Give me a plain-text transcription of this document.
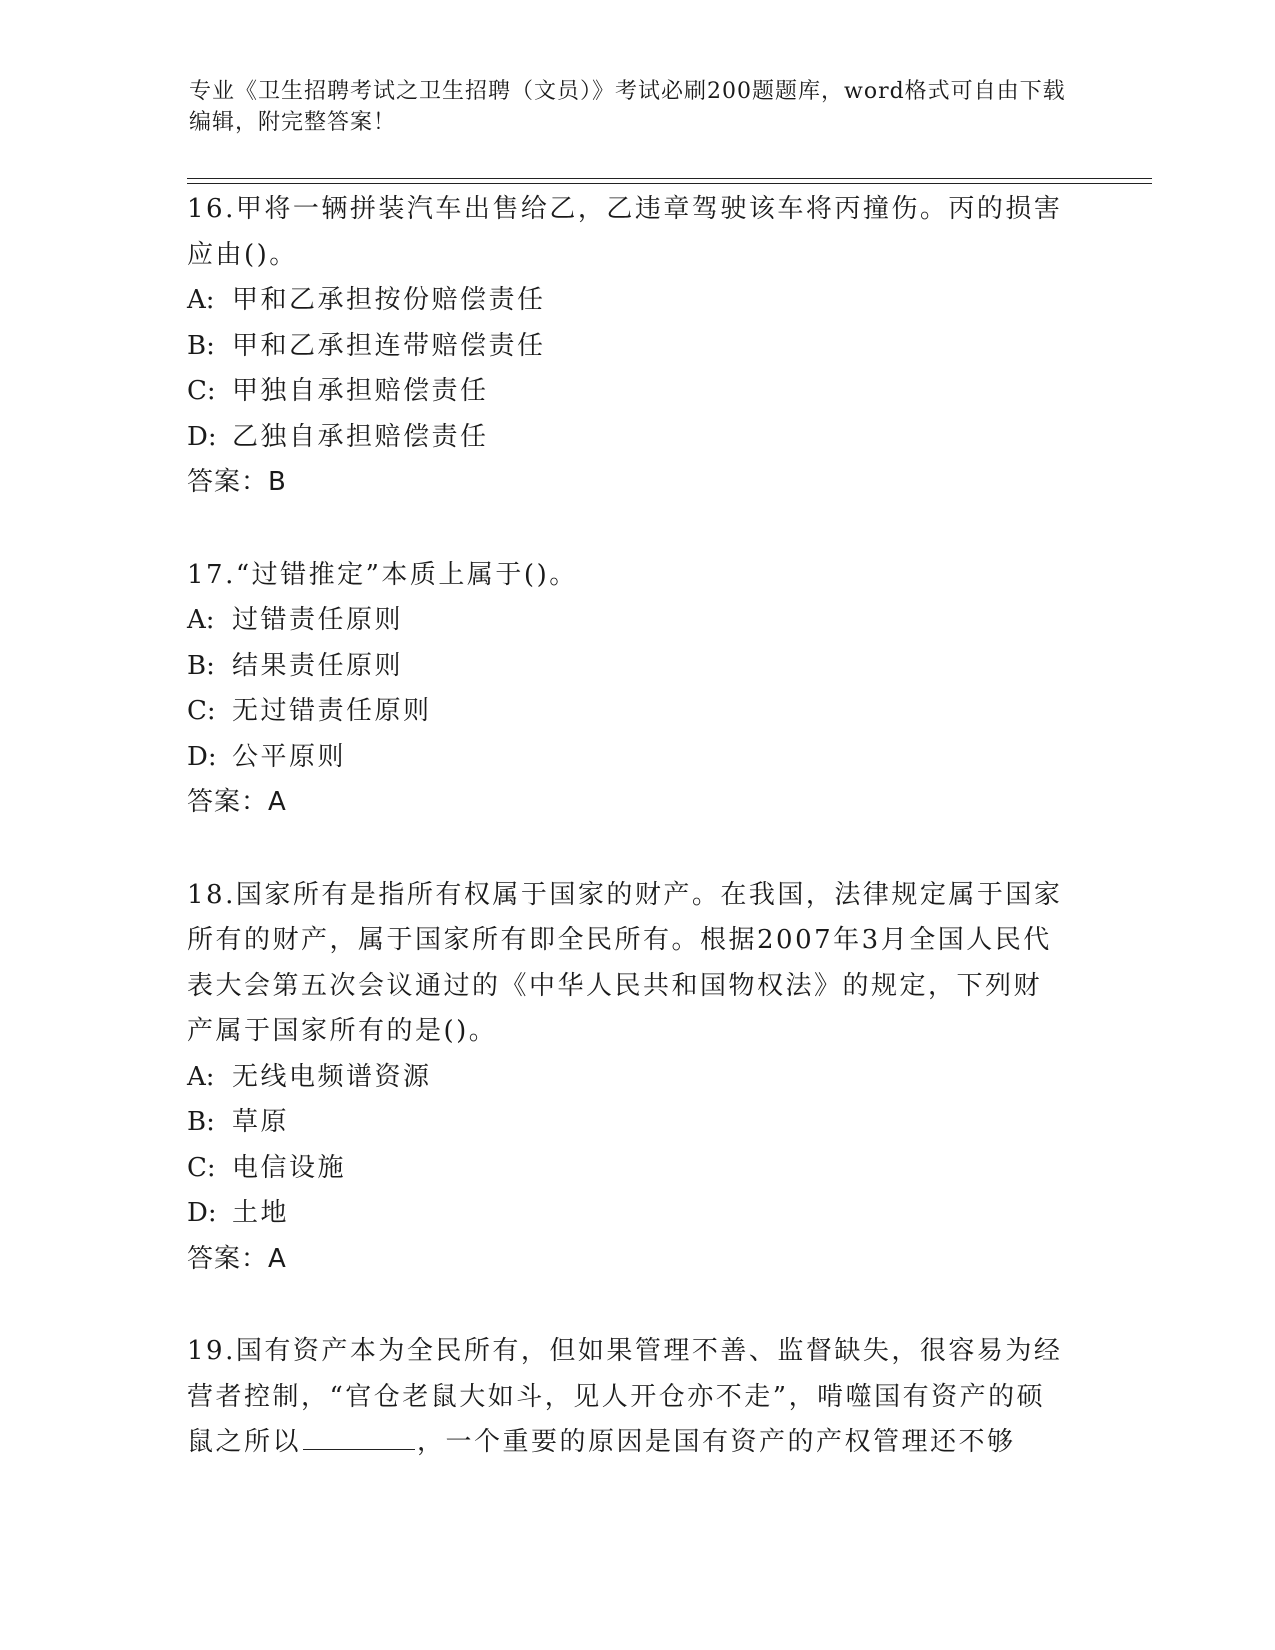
专业《卫生招聘考试之卫生招聘（文员）》考试必刷200题题库，word格式可自由下载编辑，附完整答案！
16.甲将一辆拼装汽车出售给乙，乙违章驾驶该车将丙撞伤。丙的损害应由()。
A: 甲和乙承担按份赔偿责任
B: 甲和乙承担连带赔偿责任
C: 甲独自承担赔偿责任
D: 乙独自承担赔偿责任
答案：B
17.“过错推定”本质上属于()。
A: 过错责任原则
B: 结果责任原则
C: 无过错责任原则
D: 公平原则
答案：A
18.国家所有是指所有权属于国家的财产。在我国，法律规定属于国家所有的财产，属于国家所有即全民所有。根据2007年3月全国人民代表大会第五次会议通过的《中华人民共和国物权法》的规定，下列财产属于国家所有的是()。
A: 无线电频谱资源
B: 草原
C: 电信设施
D: 土地
答案：A
19.国有资产本为全民所有，但如果管理不善、监督缺失，很容易为经营者控制，“官仓老鼠大如斗，见人开仓亦不走”，啃噬国有资产的硕鼠之所以	，一个重要的原因是国有资产的产权管理还不够
